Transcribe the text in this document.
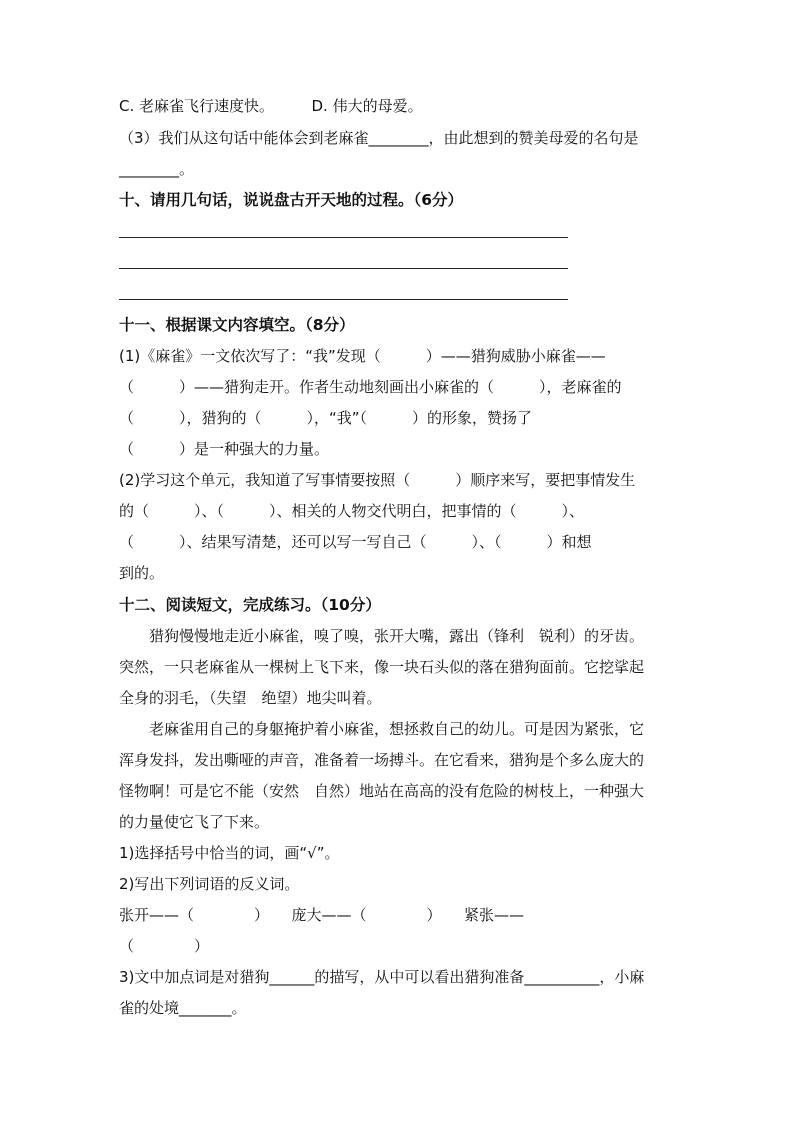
C. 老麻雀飞行速度快。　　　D. 伟大的母爱。
（3）我们从这句话中能体会到老麻雀________，由此想到的赞美母爱的名句是
________。
十、请用几句话，说说盘古开天地的过程。（6分）
十一、根据课文内容填空。（8分）
(1)《麻雀》一文依次写了：“我”发现（　　　）——猎狗威胁小麻雀——
（　　　）——猎狗走开。作者生动地刻画出小麻雀的（　　　），老麻雀的
（　　　），猎狗的（　　　），“我”（　　　）的形象，赞扬了
（　　　）是一种强大的力量。
(2)学习这个单元，我知道了写事情要按照（　　　）顺序来写，要把事情发生
的（　　　）、（　　　）、相关的人物交代明白，把事情的（　　　）、
（　　　）、结果写清楚，还可以写一写自己（　　　）、（　　　）和想
到的。
十二、阅读短文，完成练习。（10分）
　　猎狗慢慢地走近小麻雀，嗅了嗅，张开大嘴，露出（锋利　锐利）的牙齿。
突然，一只老麻雀从一棵树上飞下来，像一块石头似的落在猎狗面前。它挖挲起
全身的羽毛，（失望　绝望）地尖叫着。
　　老麻雀用自己的身躯掩护着小麻雀，想拯救自己的幼儿。可是因为紧张，它
浑身发抖，发出嘶哑的声音，准备着一场搏斗。在它看来，猎狗是个多么庞大的
怪物啊！可是它不能（安然　自然）地站在高高的没有危险的树枝上，一种强大
的力量使它飞了下来。
1)选择括号中恰当的词，画“√”。
2)写出下列词语的反义词。
张开——（　　　　）　　庞大——（　　　　）　　紧张——
（　　　　）
3)文中加点词是对猎狗______的描写，从中可以看出猎狗准备__________，小麻
雀的处境_______。
